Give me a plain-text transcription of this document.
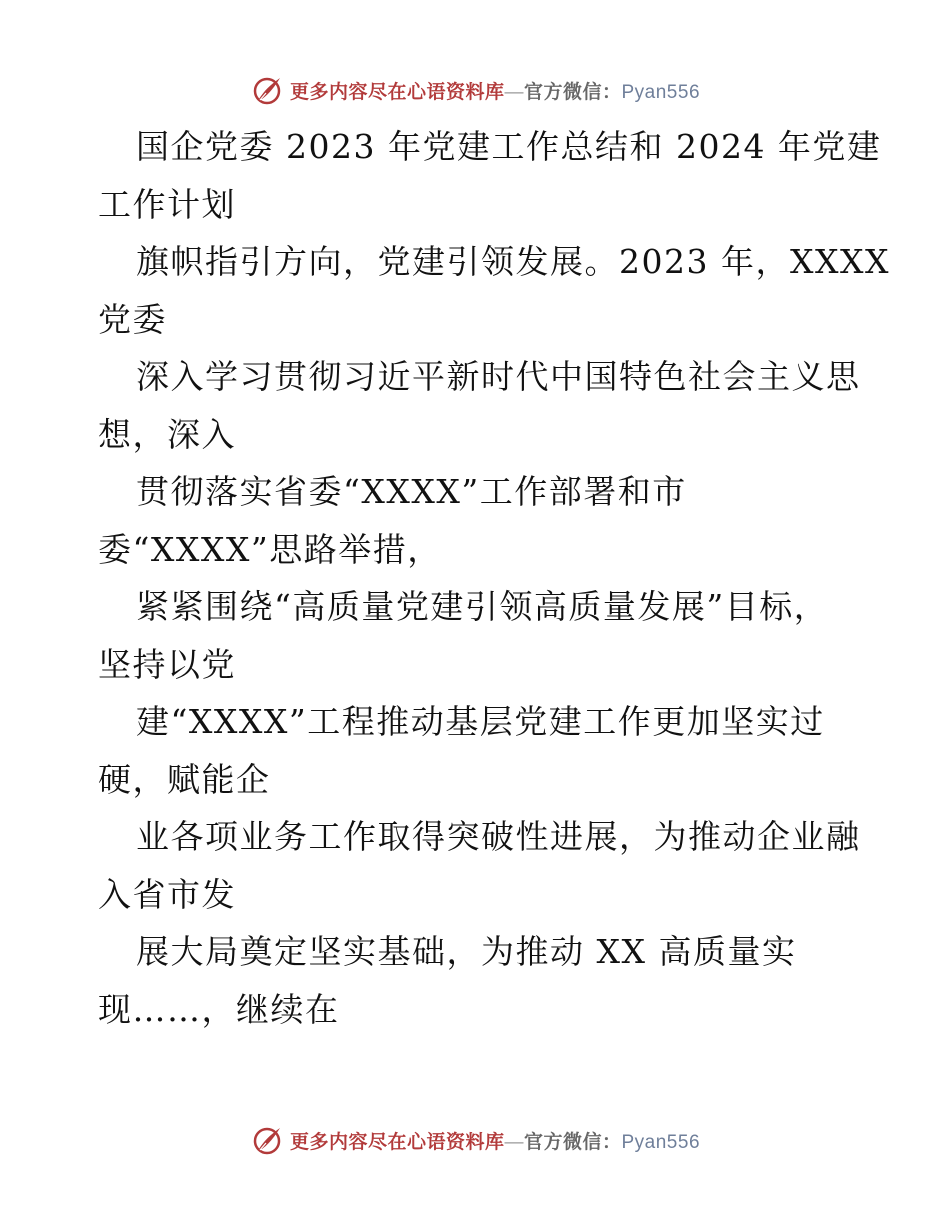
更多内容尽在心语资料库—官方微信：Pyan556
国企党委 2023 年党建工作总结和 2024 年党建
工作计划
旗帜指引方向，党建引领发展。2023 年，XXXX
党委
深入学习贯彻习近平新时代中国特色社会主义思
想，深入
贯彻落实省委“XXXX”工作部署和市
委“XXXX”思路举措，
紧紧围绕“高质量党建引领高质量发展”目标，
坚持以党
建“XXXX”工程推动基层党建工作更加坚实过
硬，赋能企
业各项业务工作取得突破性进展，为推动企业融
入省市发
展大局奠定坚实基础，为推动 XX 高质量实
现……，继续在
更多内容尽在心语资料库—官方微信：Pyan556
